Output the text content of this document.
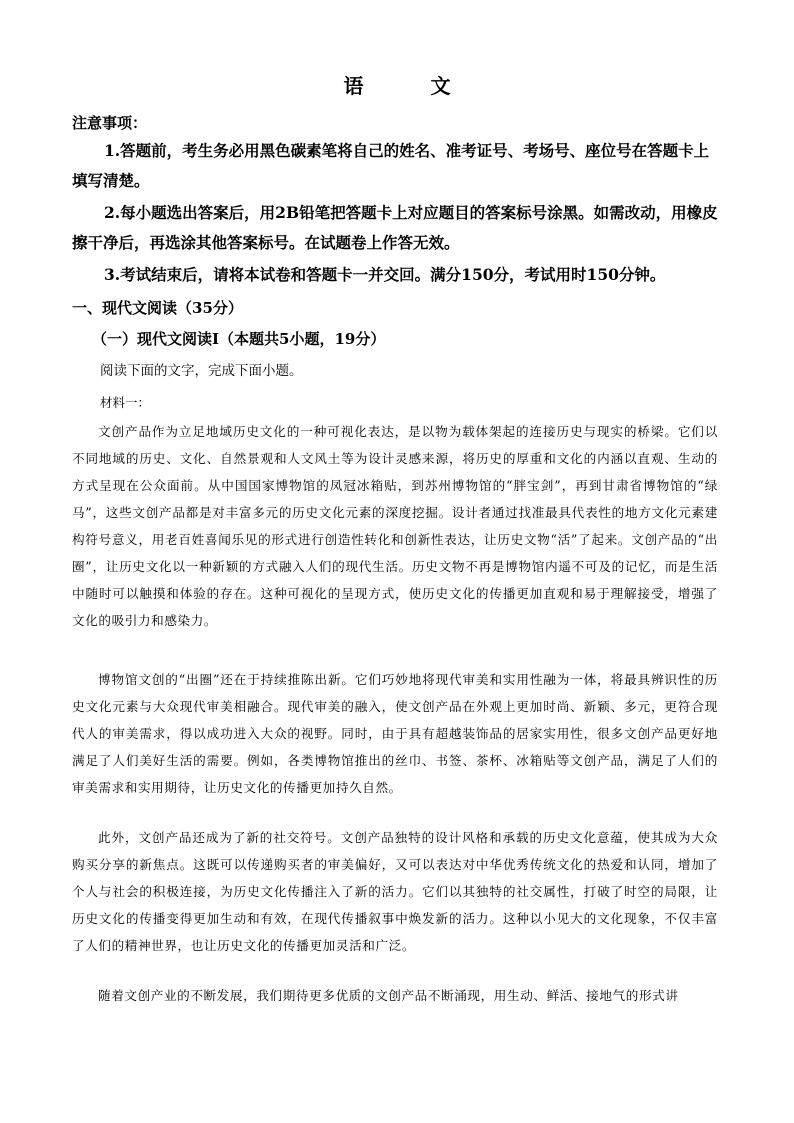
语 文
注意事项：
1.答题前，考生务必用黑色碳素笔将自己的姓名、准考证号、考场号、座位号在答题卡上填写清楚。
2.每小题选出答案后，用2B铅笔把答题卡上对应题目的答案标号涂黑。如需改动，用橡皮擦干净后，再选涂其他答案标号。在试题卷上作答无效。
3.考试结束后，请将本试卷和答题卡一并交回。满分150分，考试用时150分钟。
一、现代文阅读（35分）
（一）现代文阅读Ⅰ（本题共5小题，19分）
阅读下面的文字，完成下面小题。
材料一：
文创产品作为立足地域历史文化的一种可视化表达，是以物为载体架起的连接历史与现实的桥梁。它们以不同地域的历史、文化、自然景观和人文风土等为设计灵感来源，将历史的厚重和文化的内涵以直观、生动的方式呈现在公众面前。从中国国家博物馆的凤冠冰箱贴，到苏州博物馆的“胖宝剑”，再到甘肃省博物馆的“绿马”，这些文创产品都是对丰富多元的历史文化元素的深度挖掘。设计者通过找准最具代表性的地方文化元素建构符号意义，用老百姓喜闻乐见的形式进行创造性转化和创新性表达，让历史文物“活”了起来。文创产品的“出圈”，让历史文化以一种新颖的方式融入人们的现代生活。历史文物不再是博物馆内遥不可及的记忆，而是生活中随时可以触摸和体验的存在。这种可视化的呈现方式，使历史文化的传播更加直观和易于理解接受，增强了文化的吸引力和感染力。
博物馆文创的“出圈”还在于持续推陈出新。它们巧妙地将现代审美和实用性融为一体，将最具辨识性的历史文化元素与大众现代审美相融合。现代审美的融入，使文创产品在外观上更加时尚、新颖、多元，更符合现代人的审美需求，得以成功进入大众的视野。同时，由于具有超越装饰品的居家实用性，很多文创产品更好地满足了人们美好生活的需要。例如，各类博物馆推出的丝巾、书签、茶杯、冰箱贴等文创产品，满足了人们的审美需求和实用期待，让历史文化的传播更加持久自然。
此外，文创产品还成为了新的社交符号。文创产品独特的设计风格和承载的历史文化意蕴，使其成为大众购买分享的新焦点。这既可以传递购买者的审美偏好，又可以表达对中华优秀传统文化的热爱和认同，增加了个人与社会的积极连接，为历史文化传播注入了新的活力。它们以其独特的社交属性，打破了时空的局限，让历史文化的传播变得更加生动和有效，在现代传播叙事中焕发新的活力。这种以小见大的文化现象，不仅丰富了人们的精神世界，也让历史文化的传播更加灵活和广泛。
随着文创产业的不断发展，我们期待更多优质的文创产品不断涌现，用生动、鲜活、接地气的形式讲
